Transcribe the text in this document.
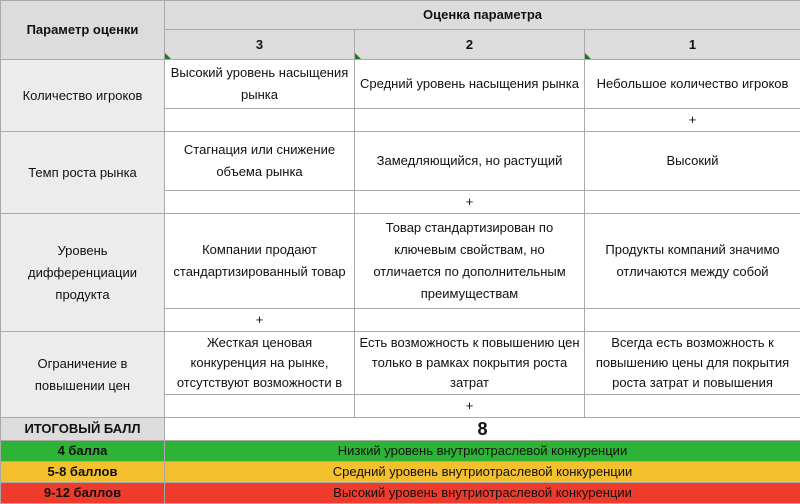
Параметр оценки	Оценка параметра		

3	2	1
Количество игроков	Высокий уровень насыщения рынка	Средний уровень насыщения рынка	Небольшое количество игроков
			+
Темп роста рынка	Стагнация или снижение объема рынка	Замедляющийся, но растущий	Высокий
		+	
Уровень дифференциации продукта	Компании продают стандартизированный товар	Товар стандартизирован по ключевым свойствам, но отличается по дополнительным преимуществам	Продукты компаний значимо отличаются между собой
	+		
Ограничение в повышении цен	Жесткая ценовая конкуренция на рынке, отсутствуют возможности в	Есть возможность к повышению цен только в рамках покрытия роста затрат	Всегда есть возможность к повышению цены для покрытия роста затрат и повышения
		+	
ИТОГОВЫЙ БАЛЛ	8		
4 балла	Низкий уровень внутриотраслевой конкуренции		
5-8 баллов	Средний уровень внутриотраслевой конкуренции		
9-12 баллов	Высокий уровень внутриотраслевой конкуренции		
